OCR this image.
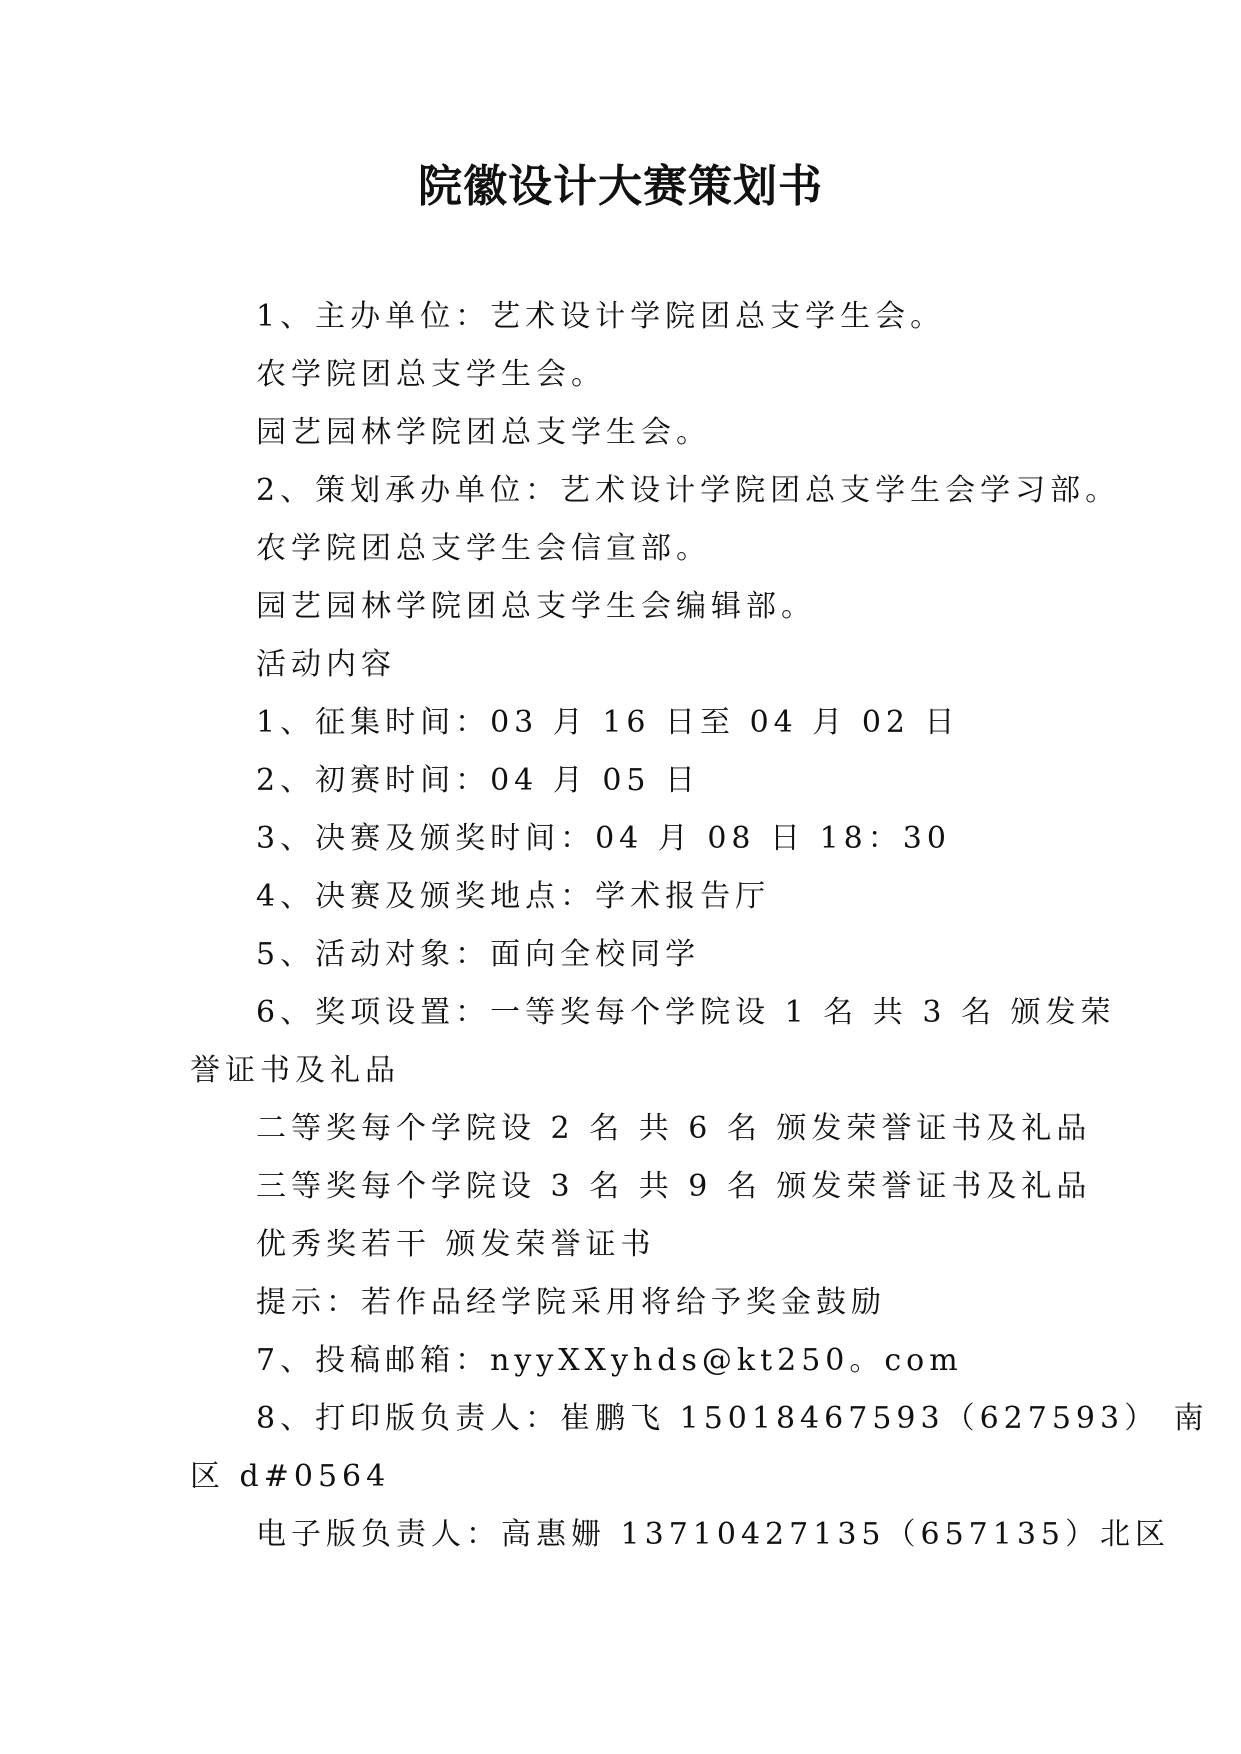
院徽设计大赛策划书
1、主办单位：艺术设计学院团总支学生会。
农学院团总支学生会。
园艺园林学院团总支学生会。
2、策划承办单位：艺术设计学院团总支学生会学习部。
农学院团总支学生会信宣部。
园艺园林学院团总支学生会编辑部。
活动内容
1、征集时间：03 月 16 日至 04 月 02 日
2、初赛时间：04 月 05 日
3、决赛及颁奖时间：04 月 08 日 18：30
4、决赛及颁奖地点：学术报告厅
5、活动对象：面向全校同学
6、奖项设置：一等奖每个学院设 1 名 共 3 名 颁发荣
誉证书及礼品
二等奖每个学院设 2 名 共 6 名 颁发荣誉证书及礼品
三等奖每个学院设 3 名 共 9 名 颁发荣誉证书及礼品
优秀奖若干 颁发荣誉证书
提示：若作品经学院采用将给予奖金鼓励
7、投稿邮箱：nyyXXyhds@kt250。com
8、打印版负责人：崔鹏飞 15018467593（627593） 南
区 d#0564
电子版负责人：高惠姗 13710427135（657135）北区
